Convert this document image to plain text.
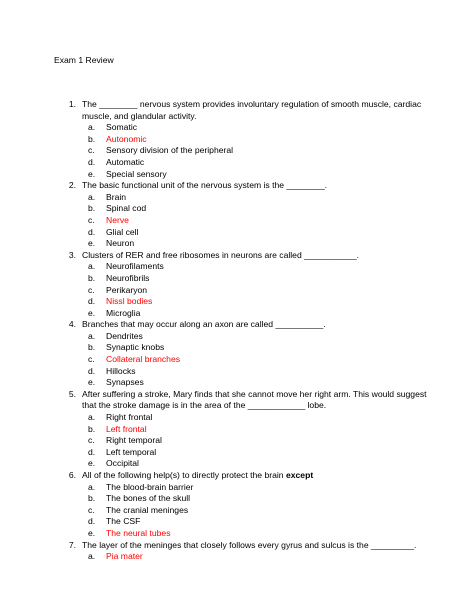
Exam 1 Review
1. The ________ nervous system provides involuntary regulation of smooth muscle, cardiac muscle, and glandular activity.
a.	Somatic
b.	Autonomic
c.	Sensory division of the peripheral
d.	Automatic
e.	Special sensory
2. The basic functional unit of the nervous system is the ________.
a.	Brain
b.	Spinal cod
c.	Nerve
d.	Glial cell
e.	Neuron
3. Clusters of RER and free ribosomes in neurons are called ___________.
a.	Neurofilaments
b.	Neurofibrils
c.	Perikaryon
d.	Nissl bodies
e.	Microglia
4. Branches that may occur along an axon are called __________.
a.	Dendrites
b.	Synaptic knobs
c.	Collateral branches
d.	Hillocks
e.	Synapses
5. After suffering a stroke, Mary finds that she cannot move her right arm. This would suggest that the stroke damage is in the area of the ____________ lobe.
a.	Right frontal
b.	Left frontal
c.	Right temporal
d.	Left temporal
e.	Occipital
6. All of the following help(s) to directly protect the brain except
a.	The blood-brain barrier
b.	The bones of the skull
c.	The cranial meninges
d.	The CSF
e.	The neural tubes
7. The layer of the meninges that closely follows every gyrus and sulcus is the _________.
a.	Pia mater
